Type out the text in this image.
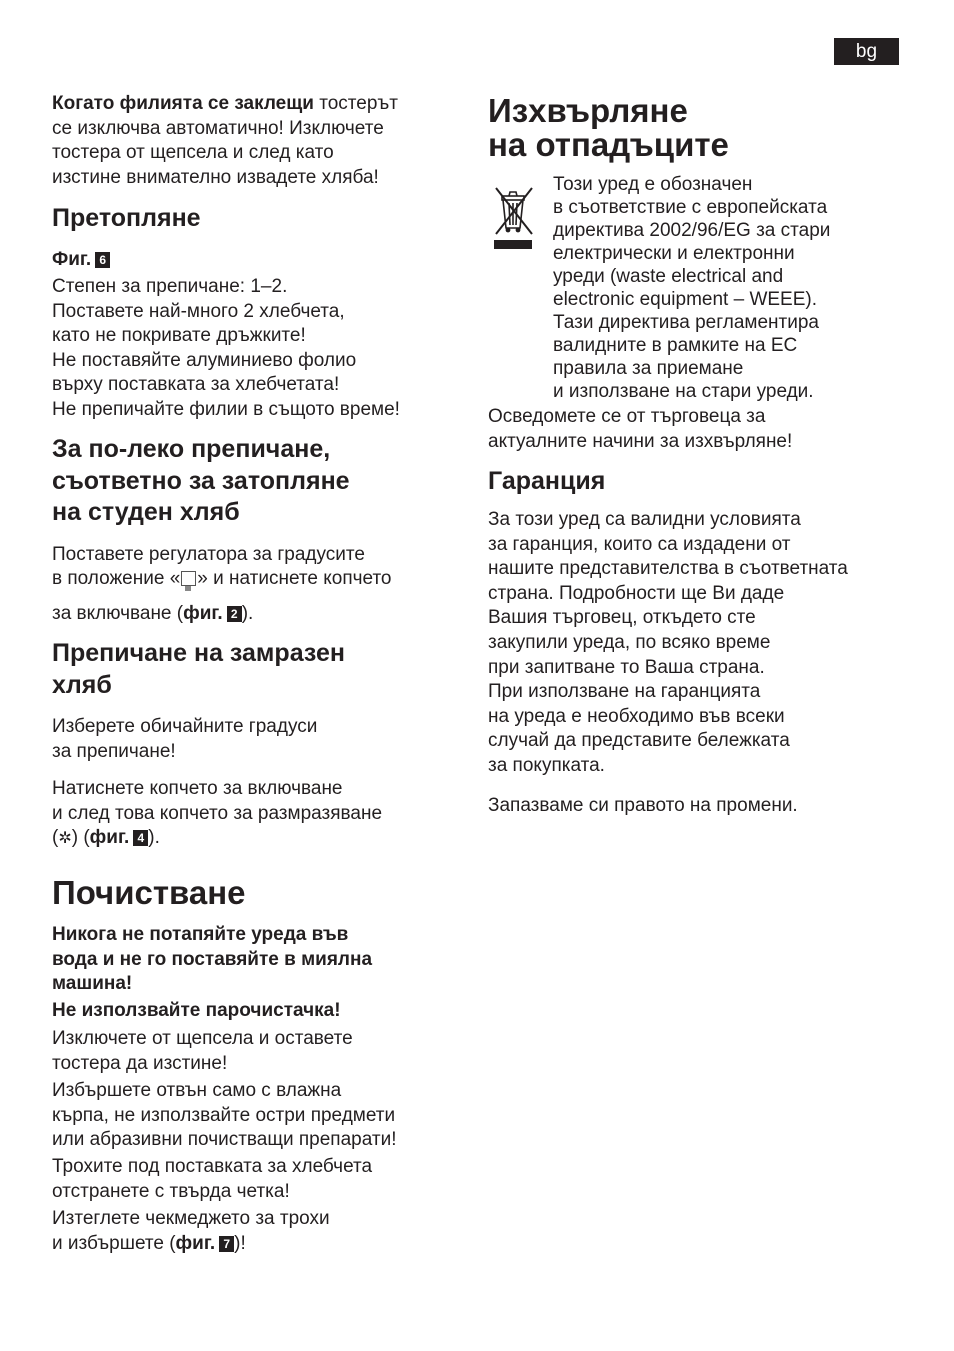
bg

Когато филията се заклещи тостерът
се изключва автоматично! Изключете
тостера от щепсела и след като
изстине внимателно извадете хляба!

Претопляне

Фиг. 6

Степен за препичане: 1–2.
Поставете най-много 2 хлебчета,
като не покривате дръжките!
Не поставяйте алуминиево фолио
върху поставката за хлебчетата!
Не препичайте филии в същото време!

За по-леко препичане,
съответно за затопляне
на студен хляб

Поставете регулатора за градусите

в положение « » и натиснете копчето

за включване (фиг. 2 ).

Препичане на замразен
хляб

Изберете обичайните градуси
за препичане!

Натиснете копчето за включване
и след това копчето за размразяване
(✲) (фиг. 4 ).

Почистване

Никога не потапяйте уреда във
вода и не го поставяйте в миялна
машина!

Не използвайте парочистачка!

Изключете от щепсела и оставете
тостера да изстине!

Избършете отвън само с влажна
кърпа, не използвайте остри предмети
или абразивни почистващи препарати!

Трохите под поставката за хлебчета
отстранете с твърда четка!

Изтеглете чекмеджето за трохи
и избършете (фиг. 7 )!

Изхвърляне
на отпадъците

Този уред е обозначен
в съответствие с европейската
директива 2002/96/EG за стари
електрически и електронни
уреди (waste electrical and
electronic equipment – WEEE).
Тази директива регламентира
валидните в рамките на ЕС
правила за приемане
и използване на стари уреди.

Осведомете се от търговеца за
актуалните начини за изхвърляне!

Гаранция

За този уред са валидни условията
за гаранция, които са издадени от
нашите представителства в съответната
страна. Подробности ще Ви даде
Вашия търговец, откъдето сте
закупили уреда, по всяко време
при запитване то Ваша страна.
При използване на гаранцията
на уреда е необходимо във всеки
случай да представите бележката
за покупката.

Запазваме си правото на промени.
